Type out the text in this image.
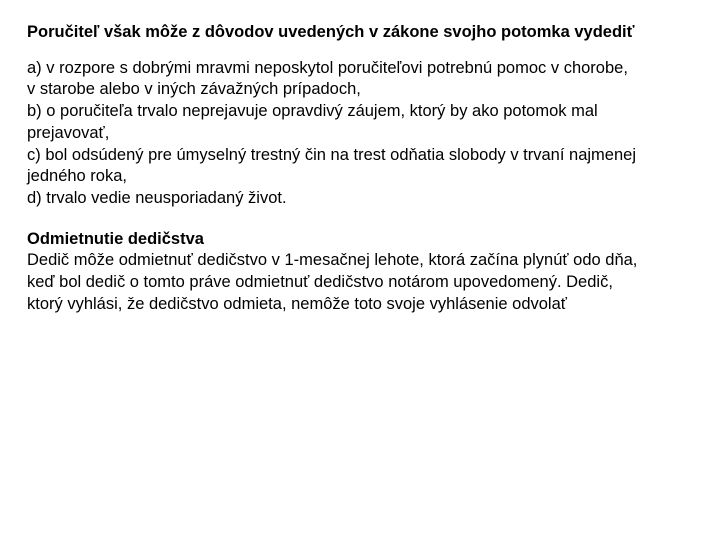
Poručiteľ však môže z dôvodov uvedených v zákone svojho potomka vydediť
a) v rozpore s dobrými mravmi neposkytol poručiteľovi potrebnú pomoc v chorobe,
v starobe alebo v iných závažných prípadoch,
b) o poručiteľa trvalo neprejavuje opravdivý záujem, ktorý by ako potomok mal
prejavovať,
c) bol odsúdený pre úmyselný trestný čin na trest odňatia slobody v trvaní najmenej
jedného roka,
d) trvalo vedie neusporiadaný život.
Odmietnutie dedičstva
Dedič môže odmietnuť dedičstvo v 1-mesačnej lehote, ktorá začína plynúť odo dňa,
keď bol dedič o tomto práve odmietnuť dedičstvo notárom upovedomený. Dedič,
ktorý vyhlási, že dedičstvo odmieta, nemôže toto svoje vyhlásenie odvolať
